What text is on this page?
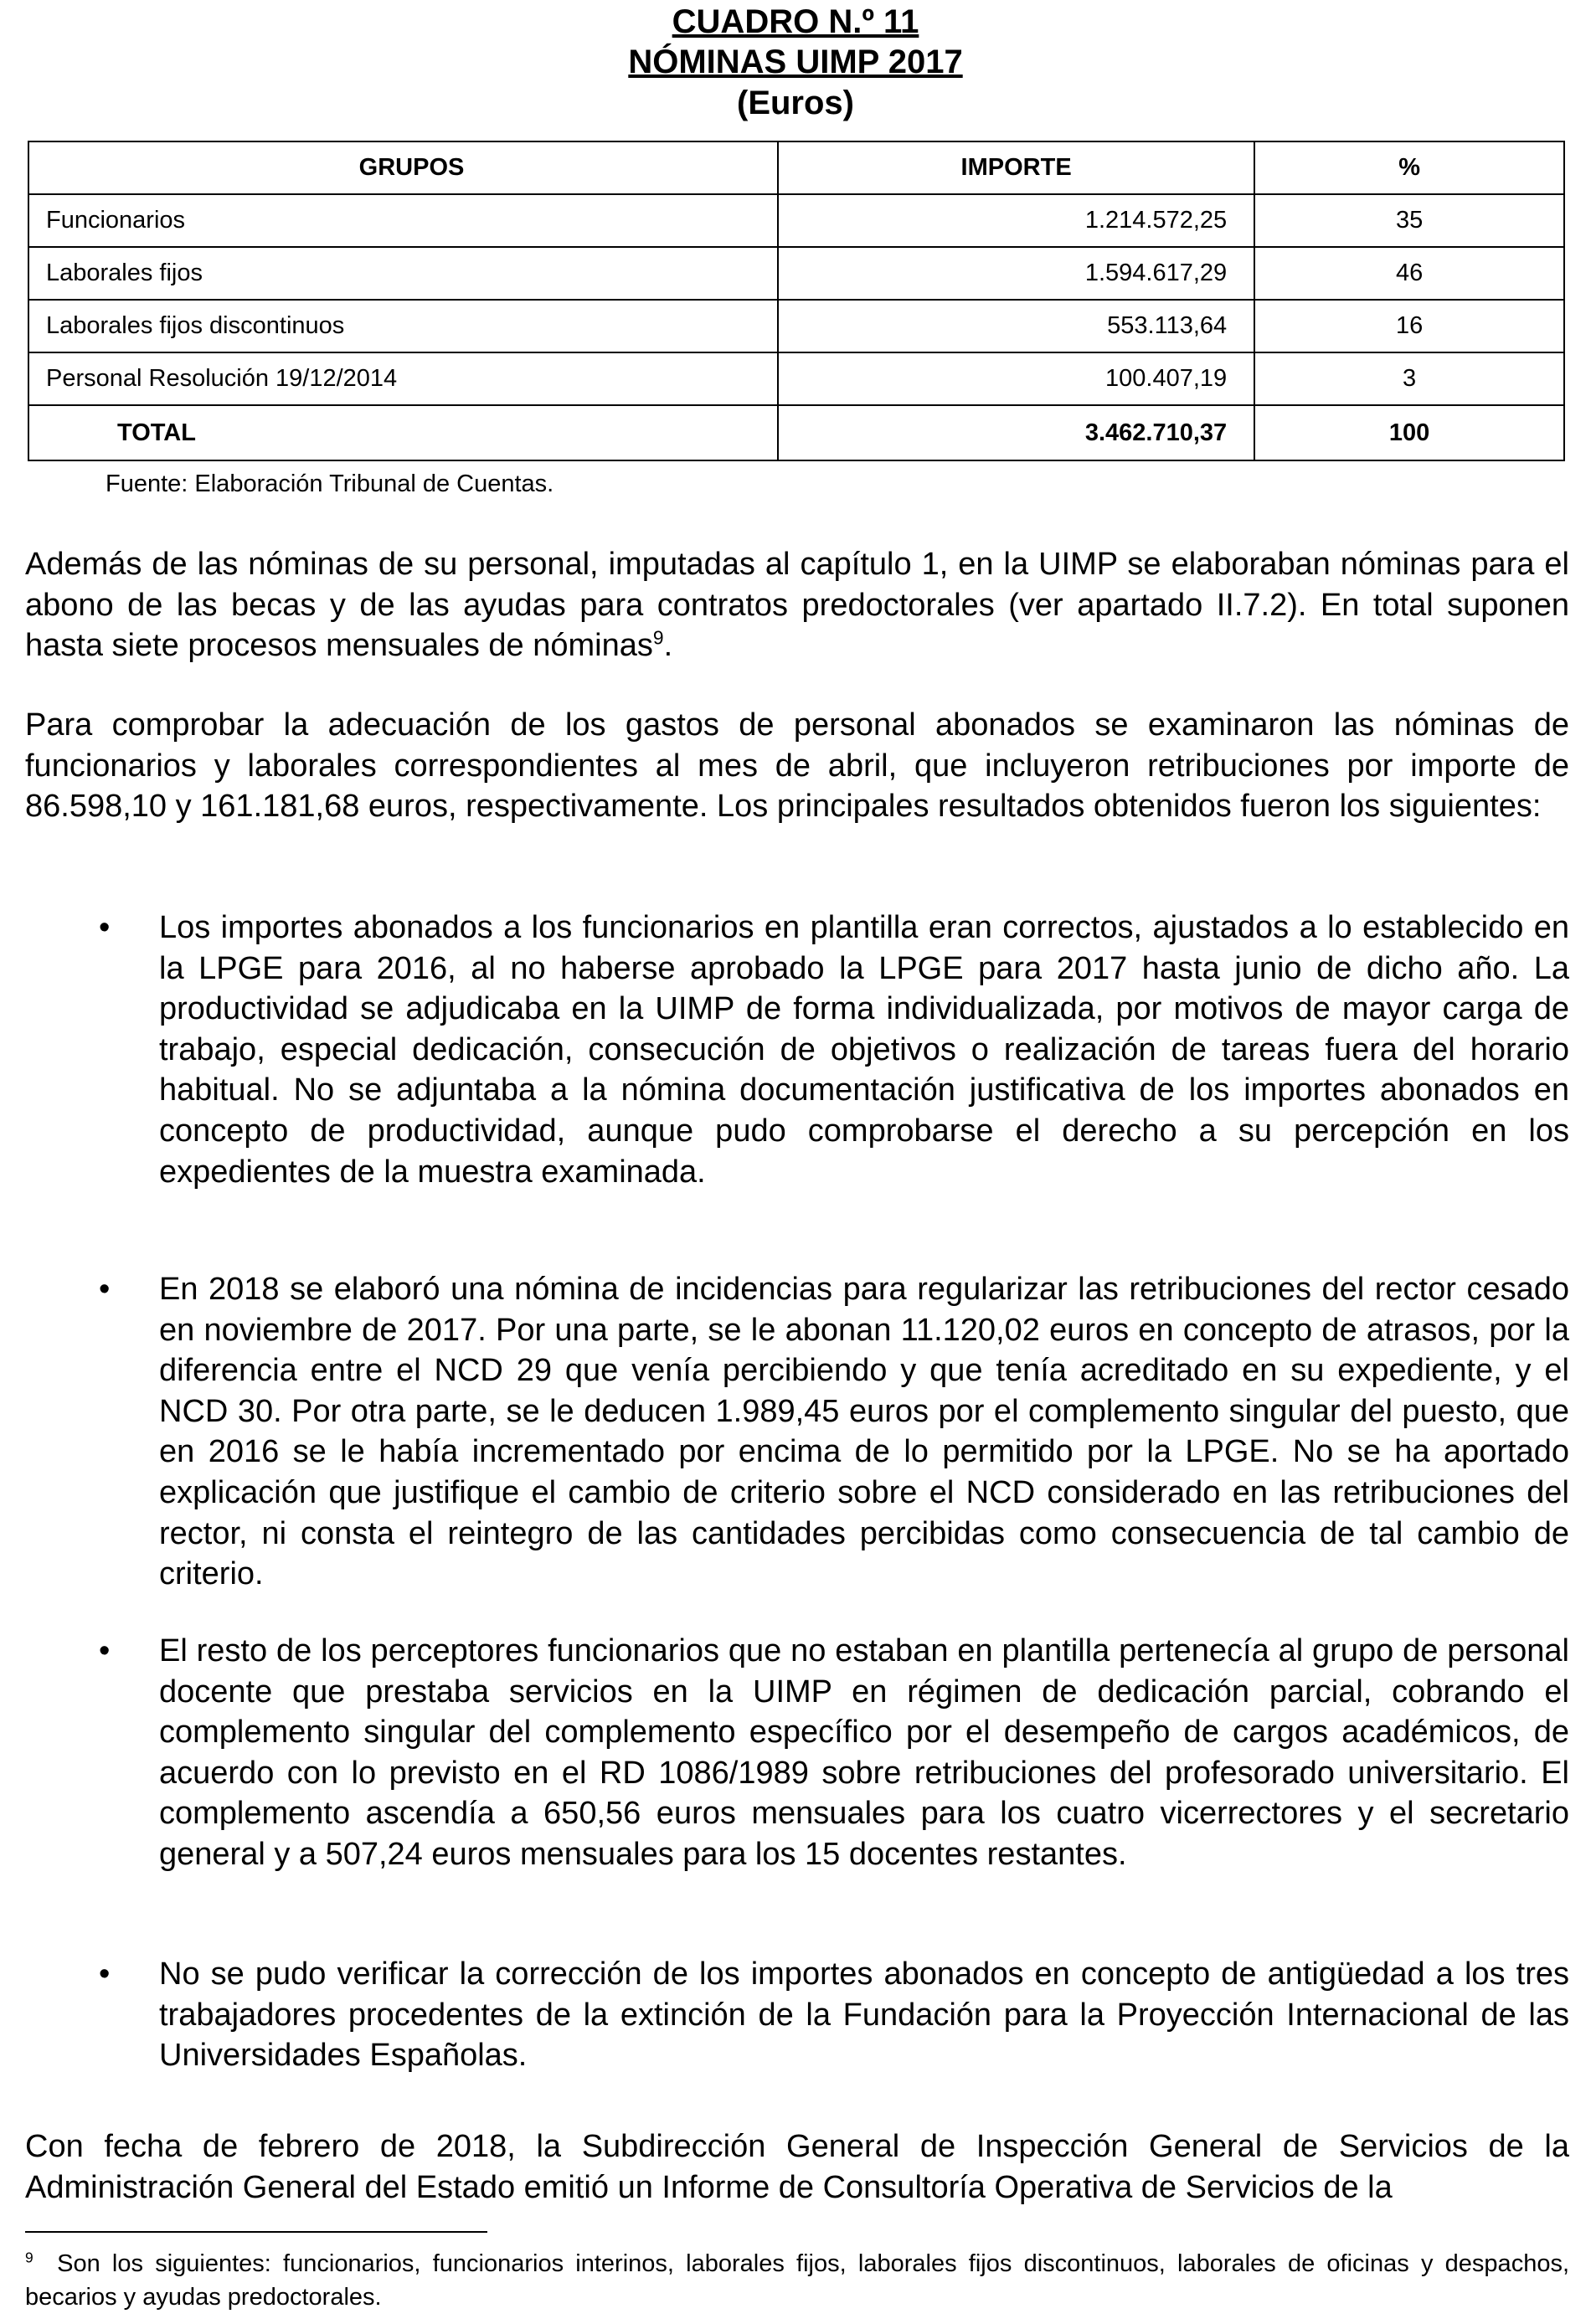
CUADRO N.º 11
NÓMINAS UIMP 2017
(Euros)
GRUPOS	IMPORTE	%
Funcionarios	1.214.572,25	35
Laborales fijos	1.594.617,29	46
Laborales fijos discontinuos	553.113,64	16
Personal Resolución 19/12/2014	100.407,19	3
TOTAL	3.462.710,37	100
Fuente: Elaboración Tribunal de Cuentas.
Además de las nóminas de su personal, imputadas al capítulo 1, en la UIMP se elaboraban nóminas para el abono de las becas y de las ayudas para contratos predoctorales (ver apartado II.7.2). En total suponen hasta siete procesos mensuales de nóminas$^9$.
Para comprobar la adecuación de los gastos de personal abonados se examinaron las nóminas de funcionarios y laborales correspondientes al mes de abril, que incluyeron retribuciones por importe de 86.598,10 y 161.181,68 euros, respectivamente. Los principales resultados obtenidos fueron los siguientes:
• Los importes abonados a los funcionarios en plantilla eran correctos, ajustados a lo establecido en la LPGE para 2016, al no haberse aprobado la LPGE para 2017 hasta junio de dicho año. La productividad se adjudicaba en la UIMP de forma individualizada, por motivos de mayor carga de trabajo, especial dedicación, consecución de objetivos o realización de tareas fuera del horario habitual. No se adjuntaba a la nómina documentación justificativa de los importes abonados en concepto de productividad, aunque pudo comprobarse el derecho a su percepción en los expedientes de la muestra examinada.
• En 2018 se elaboró una nómina de incidencias para regularizar las retribuciones del rector cesado en noviembre de 2017. Por una parte, se le abonan 11.120,02 euros en concepto de atrasos, por la diferencia entre el NCD 29 que venía percibiendo y que tenía acreditado en su expediente, y el NCD 30. Por otra parte, se le deducen 1.989,45 euros por el complemento singular del puesto, que en 2016 se le había incrementado por encima de lo permitido por la LPGE. No se ha aportado explicación que justifique el cambio de criterio sobre el NCD considerado en las retribuciones del rector, ni consta el reintegro de las cantidades percibidas como consecuencia de tal cambio de criterio.
• El resto de los perceptores funcionarios que no estaban en plantilla pertenecía al grupo de personal docente que prestaba servicios en la UIMP en régimen de dedicación parcial, cobrando el complemento singular del complemento específico por el desempeño de cargos académicos, de acuerdo con lo previsto en el RD 1086/1989 sobre retribuciones del profesorado universitario. El complemento ascendía a 650,56 euros mensuales para los cuatro vicerrectores y el secretario general y a 507,24 euros mensuales para los 15 docentes restantes.
• No se pudo verificar la corrección de los importes abonados en concepto de antigüedad a los tres trabajadores procedentes de la extinción de la Fundación para la Proyección Internacional de las Universidades Españolas.
Con fecha de febrero de 2018, la Subdirección General de Inspección General de Servicios de la Administración General del Estado emitió un Informe de Consultoría Operativa de Servicios de la
$^9$ Son los siguientes: funcionarios, funcionarios interinos, laborales fijos, laborales fijos discontinuos, laborales de oficinas y despachos, becarios y ayudas predoctorales.
